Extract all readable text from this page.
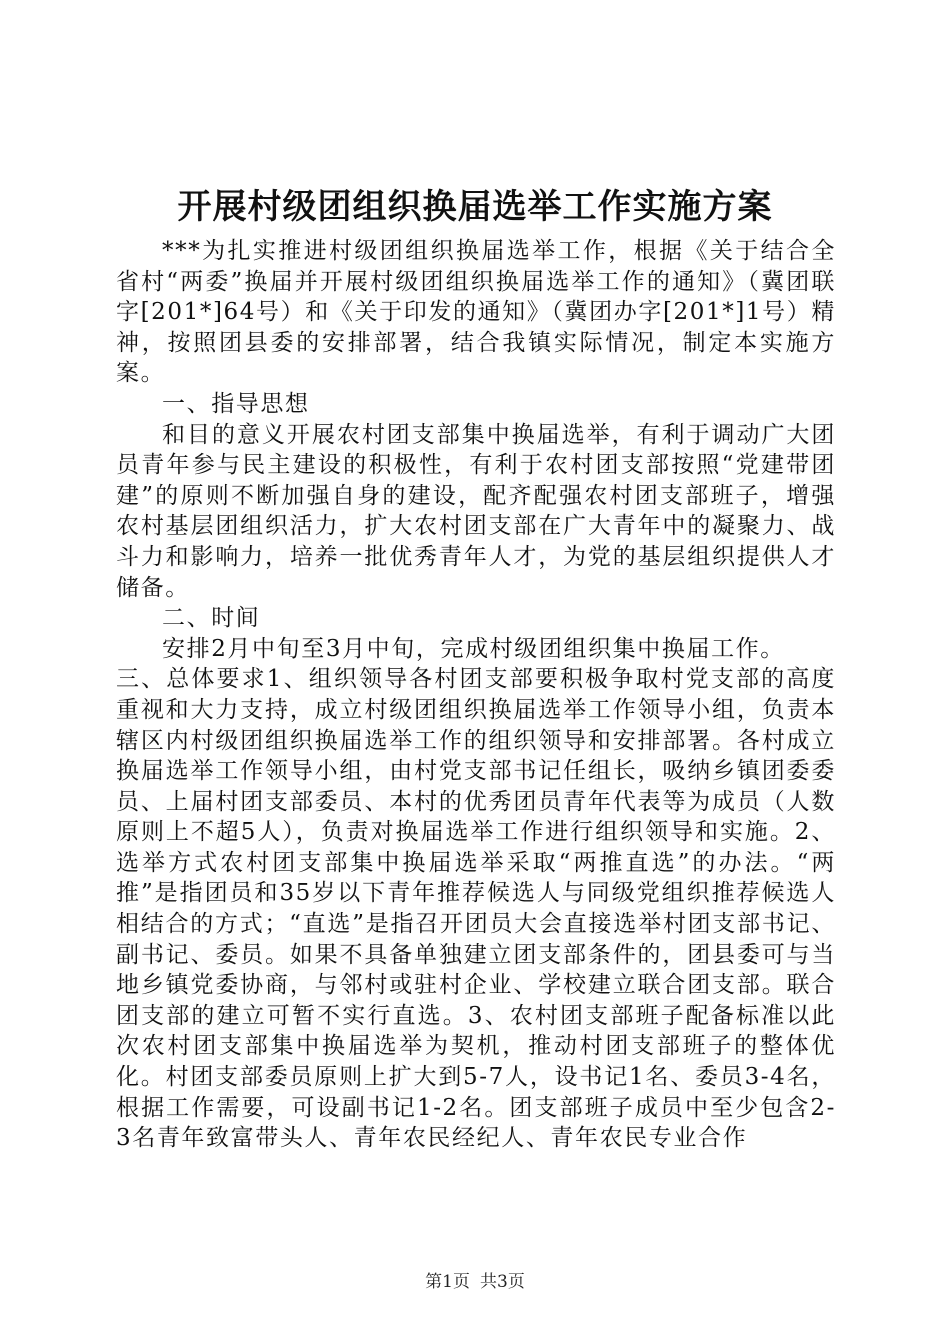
开展村级团组织换届选举工作实施方案

***为扎实推进村级团组织换届选举工作，根据《关于结合全省村“两委”换届并开展村级团组织换届选举工作的通知》（冀团联字[201*]64号）和《关于印发的通知》（冀团办字[201*]1号）精神，按照团县委的安排部署，结合我镇实际情况，制定本实施方案。

一、指导思想

和目的意义开展农村团支部集中换届选举，有利于调动广大团员青年参与民主建设的积极性，有利于农村团支部按照“党建带团建”的原则不断加强自身的建设，配齐配强农村团支部班子，增强农村基层团组织活力，扩大农村团支部在广大青年中的凝聚力、战斗力和影响力，培养一批优秀青年人才，为党的基层组织提供人才储备。

二、时间

安排2月中旬至3月中旬，完成村级团组织集中换届工作。

三、总体要求1、组织领导各村团支部要积极争取村党支部的高度重视和大力支持，成立村级团组织换届选举工作领导小组，负责本辖区内村级团组织换届选举工作的组织领导和安排部署。各村成立换届选举工作领导小组，由村党支部书记任组长，吸纳乡镇团委委员、上届村团支部委员、本村的优秀团员青年代表等为成员（人数原则上不超5人），负责对换届选举工作进行组织领导和实施。2、选举方式农村团支部集中换届选举采取“两推直选”的办法。“两推”是指团员和35岁以下青年推荐候选人与同级党组织推荐候选人相结合的方式；“直选”是指召开团员大会直接选举村团支部书记、副书记、委员。如果不具备单独建立团支部条件的，团县委可与当地乡镇党委协商，与邻村或驻村企业、学校建立联合团支部。联合团支部的建立可暂不实行直选。3、农村团支部班子配备标准以此次农村团支部集中换届选举为契机，推动村团支部班子的整体优化。村团支部委员原则上扩大到5-7人，设书记1名、委员3-4名，根据工作需要，可设副书记1-2名。团支部班子成员中至少包含2-3名青年致富带头人、青年农民经纪人、青年农民专业合作

第1页 共3页
